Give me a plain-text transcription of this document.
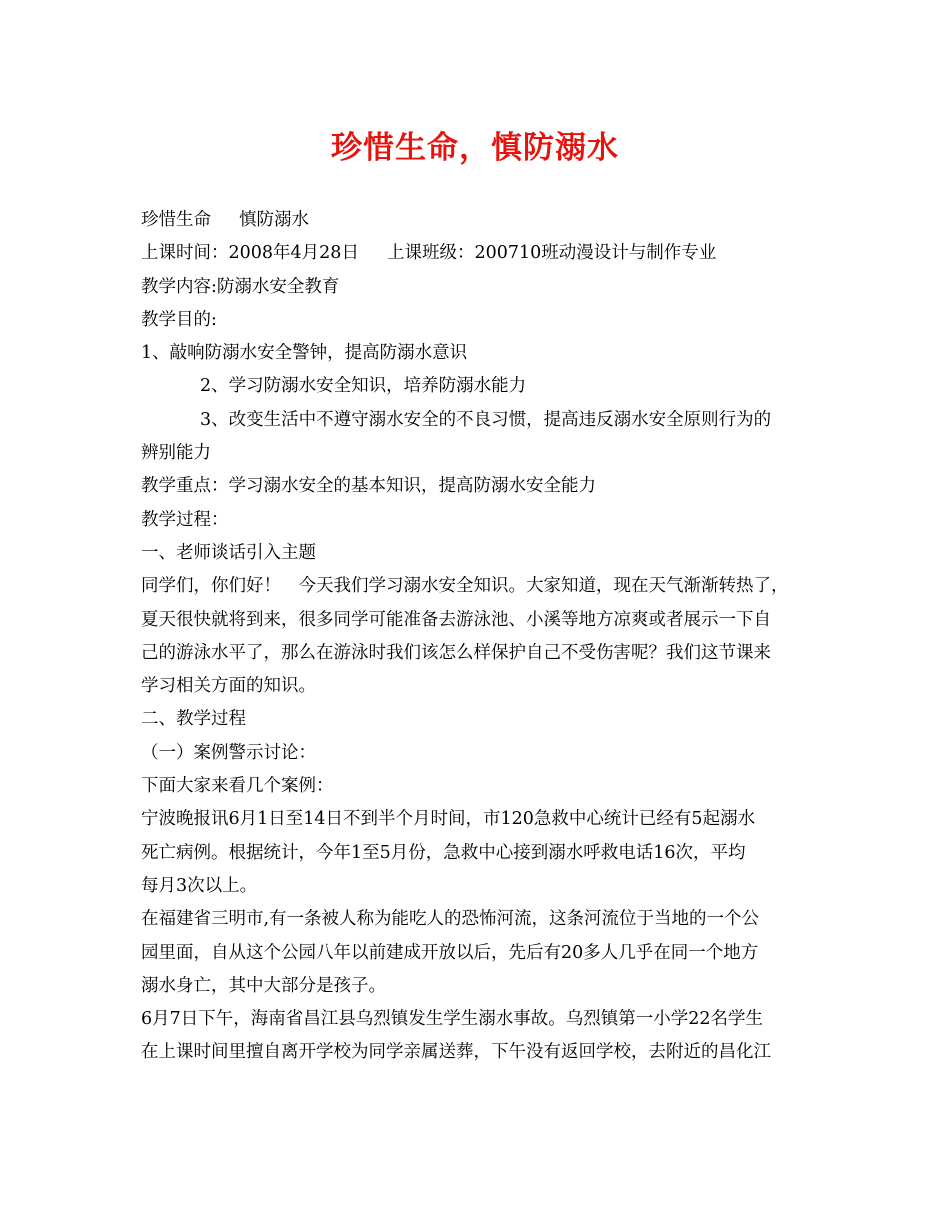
珍惜生命，慎防溺水
珍惜生命 慎防溺水
上课时间：2008年4月28日 上课班级：200710班动漫设计与制作专业
教学内容:防溺水安全教育
教学目的:
1、敲响防溺水安全警钟，提高防溺水意识
2、学习防溺水安全知识，培养防溺水能力
3、改变生活中不遵守溺水安全的不良习惯，提高违反溺水安全原则行为的
辨别能力
教学重点：学习溺水安全的基本知识，提高防溺水安全能力
教学过程：
一、老师谈话引入主题
同学们，你们好！　今天我们学习溺水安全知识。大家知道，现在天气渐渐转热了，
夏天很快就将到来，很多同学可能准备去游泳池、小溪等地方凉爽或者展示一下自
己的游泳水平了，那么在游泳时我们该怎么样保护自己不受伤害呢？我们这节课来
学习相关方面的知识。
二、教学过程
（一）案例警示讨论：
下面大家来看几个案例：
宁波晚报讯6月1日至14日不到半个月时间，市120急救中心统计已经有5起溺水
死亡病例。根据统计，今年1至5月份，急救中心接到溺水呼救电话16次，平均
每月3次以上。
在福建省三明市,有一条被人称为能吃人的恐怖河流，这条河流位于当地的一个公
园里面，自从这个公园八年以前建成开放以后，先后有20多人几乎在同一个地方
溺水身亡，其中大部分是孩子。
6月7日下午，海南省昌江县乌烈镇发生学生溺水事故。乌烈镇第一小学22名学生
在上课时间里擅自离开学校为同学亲属送葬，下午没有返回学校，去附近的昌化江
